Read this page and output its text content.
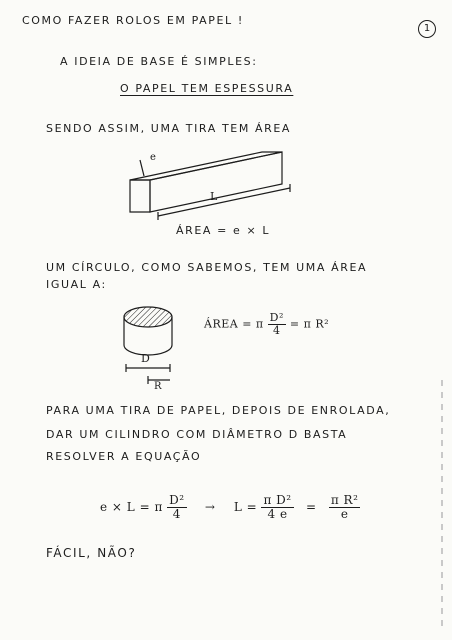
COMO FAZER ROLOS EM PAPEL !
1
A IDEIA DE BASE É SIMPLES:
O PAPEL TEM ESPESSURA
SENDO ASSIM, UMA TIRA TEM ÁREA
e
L
ÁREA = e × L
UM CÍRCULO, COMO SABEMOS, TEM UMA ÁREA
IGUAL A:
D
R
ÁREA = π $\frac{\text{D²}}{4} = \pi$ R²
PARA UMA TIRA DE PAPEL, DEPOIS DE ENROLADA,
DAR UM CILINDRO COM DIÂMETRO D BASTA
RESOLVER A EQUAÇÃO
e × L = π $\frac{\text{D²}}{4} \to L = \frac{\text{π D²}}{4 e} = \frac{\text{π R²}}{e}$
FÁCIL, NÃO?
